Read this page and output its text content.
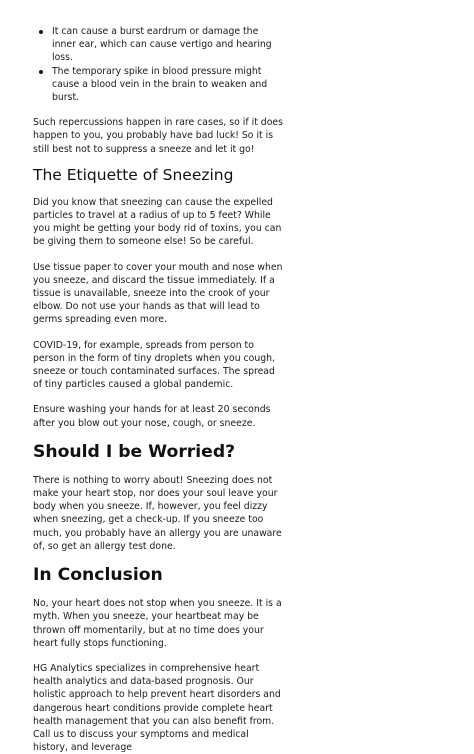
It can cause a burst eardrum or damage the inner ear, which can cause vertigo and hearing loss.
The temporary spike in blood pressure might cause a blood vein in the brain to weaken and burst.

Such repercussions happen in rare cases, so if it does happen to you, you probably have bad luck! So it is still best not to suppress a sneeze and let it go!

The Etiquette of Sneezing

Did you know that sneezing can cause the expelled particles to travel at a radius of up to 5 feet? While you might be getting your body rid of toxins, you can be giving them to someone else! So be careful.

Use tissue paper to cover your mouth and nose when you sneeze, and discard the tissue immediately. If a tissue is unavailable, sneeze into the crook of your elbow. Do not use your hands as that will lead to germs spreading even more.

COVID-19, for example, spreads from person to person in the form of tiny droplets when you cough, sneeze or touch contaminated surfaces. The spread of tiny particles caused a global pandemic.

Ensure washing your hands for at least 20 seconds after you blow out your nose, cough, or sneeze.

Should I be Worried?

There is nothing to worry about! Sneezing does not make your heart stop, nor does your soul leave your body when you sneeze. If, however, you feel dizzy when sneezing, get a check-up. If you sneeze too much, you probably have an allergy you are unaware of, so get an allergy test done.

In Conclusion

No, your heart does not stop when you sneeze. It is a myth. When you sneeze, your heartbeat may be thrown off momentarily, but at no time does your heart fully stops functioning.

HG Analytics specializes in comprehensive heart health analytics and data-based prognosis. Our holistic approach to help prevent heart disorders and dangerous heart conditions provide complete heart health management that you can also benefit from. Call us to discuss your symptoms and medical history, and leverage
